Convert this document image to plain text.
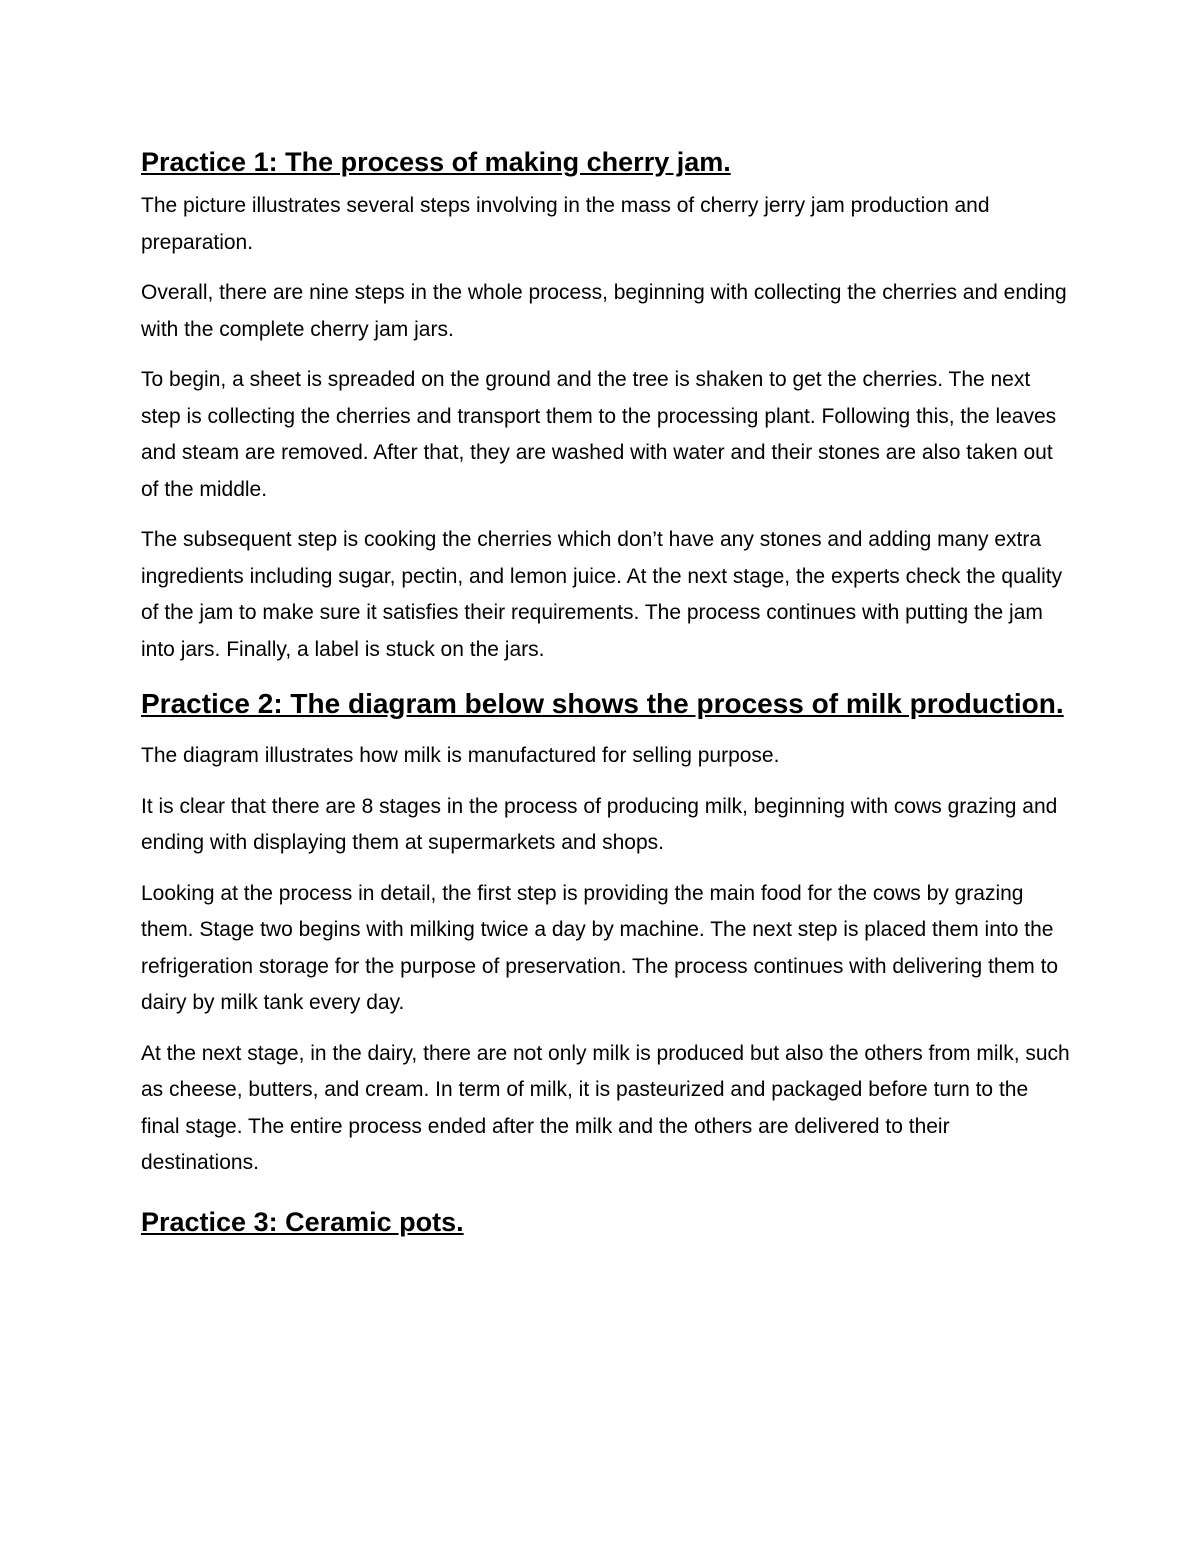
Practice 1: The process of making cherry jam.

The picture illustrates several steps involving in the mass of cherry jerry jam production and preparation.

Overall, there are nine steps in the whole process, beginning with collecting the cherries and ending with the complete cherry jam jars.

To begin, a sheet is spreaded on the ground and the tree is shaken to get the cherries. The next step is collecting the cherries and transport them to the processing plant. Following this, the leaves and steam are removed. After that, they are washed with water and their stones are also taken out of the middle.

The subsequent step is cooking the cherries which don’t have any stones and adding many extra ingredients including sugar, pectin, and lemon juice. At the next stage, the experts check the quality of the jam to make sure it satisfies their requirements. The process continues with putting the jam into jars. Finally, a label is stuck on the jars.

Practice 2: The diagram below shows the process of milk production.

The diagram illustrates how milk is manufactured for selling purpose.

It is clear that there are 8 stages in the process of producing milk, beginning with cows grazing and ending with displaying them at supermarkets and shops.

Looking at the process in detail, the first step is providing the main food for the cows by grazing them. Stage two begins with milking twice a day by machine. The next step is placed them into the refrigeration storage for the purpose of preservation. The process continues with delivering them to dairy by milk tank every day.

At the next stage, in the dairy, there are not only milk is produced but also the others from milk, such as cheese, butters, and cream. In term of milk, it is pasteurized and packaged before turn to the final stage. The entire process ended after the milk and the others are delivered to their destinations.

Practice 3: Ceramic pots.
